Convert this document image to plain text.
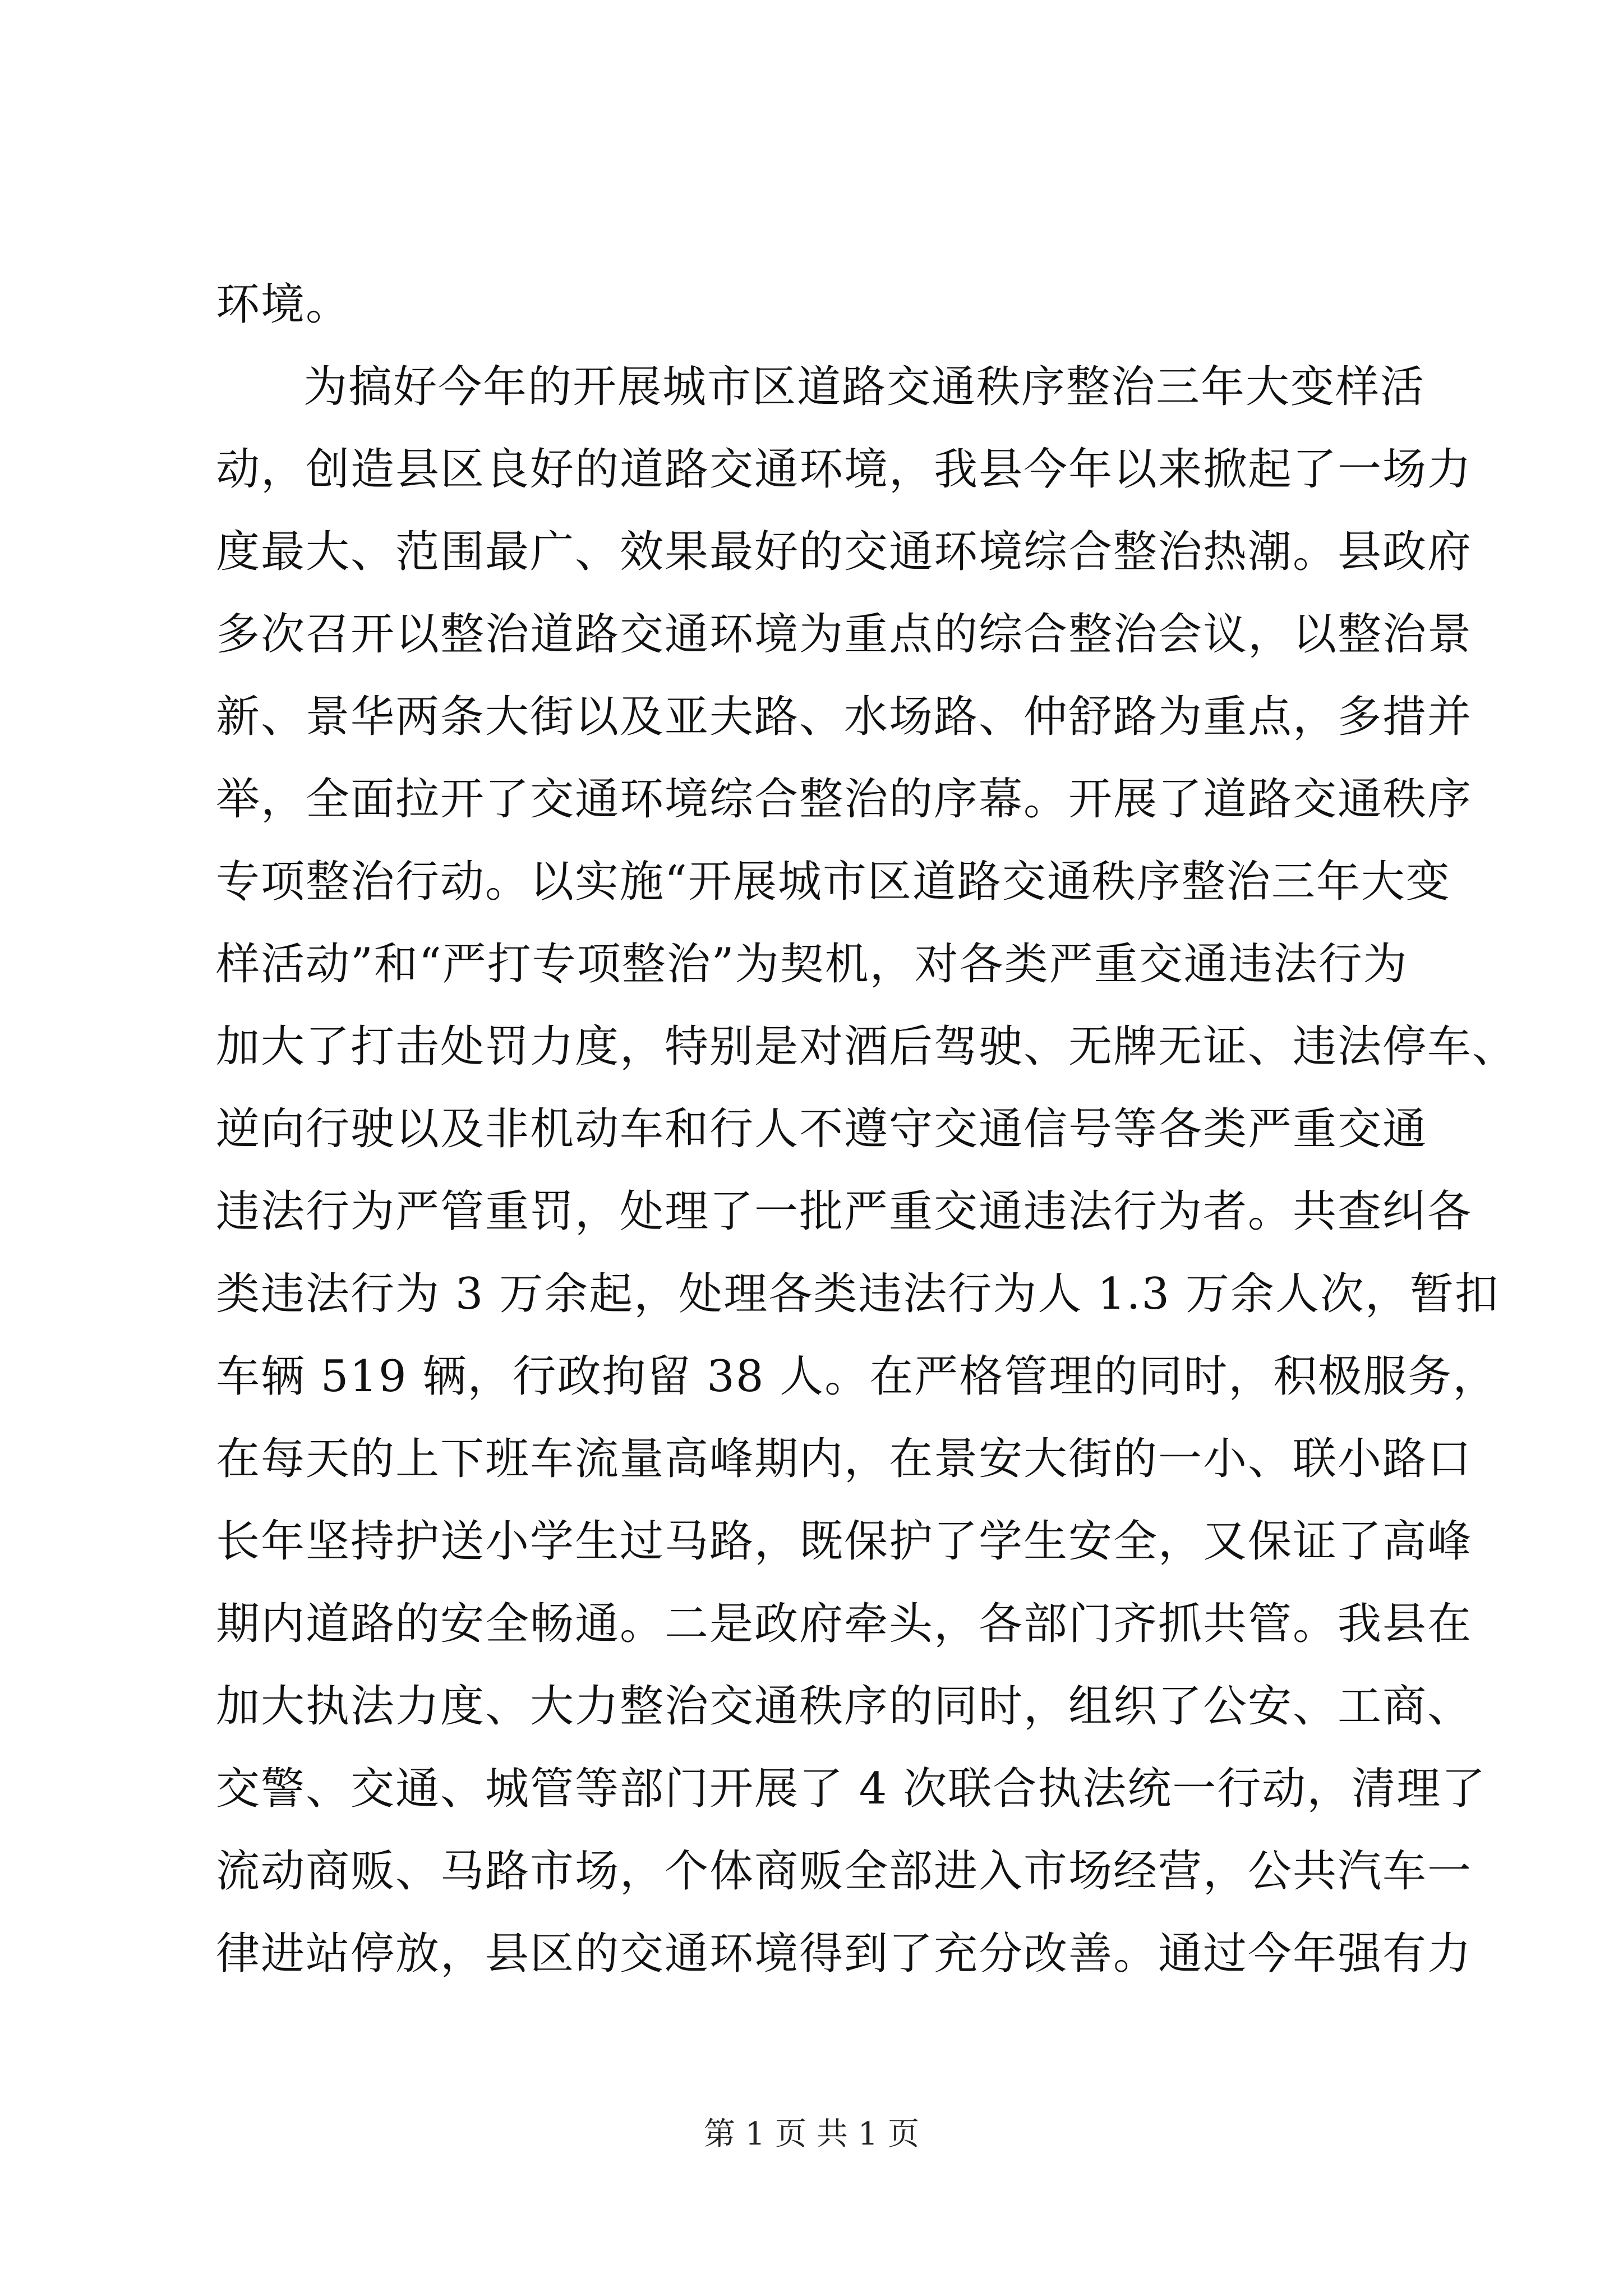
环境。
为搞好今年的开展城市区道路交通秩序整治三年大变样活
动，创造县区良好的道路交通环境，我县今年以来掀起了一场力
度最大、范围最广、效果最好的交通环境综合整治热潮。县政府
多次召开以整治道路交通环境为重点的综合整治会议，以整治景
新、景华两条大街以及亚夫路、水场路、仲舒路为重点，多措并
举，全面拉开了交通环境综合整治的序幕。开展了道路交通秩序
专项整治行动。以实施“开展城市区道路交通秩序整治三年大变
样活动”和“严打专项整治”为契机，对各类严重交通违法行为
加大了打击处罚力度，特别是对酒后驾驶、无牌无证、违法停车、
逆向行驶以及非机动车和行人不遵守交通信号等各类严重交通
违法行为严管重罚，处理了一批严重交通违法行为者。共查纠各
类违法行为 3 万余起，处理各类违法行为人 1.3 万余人次，暂扣
车辆 519 辆，行政拘留 38 人。在严格管理的同时，积极服务，
在每天的上下班车流量高峰期内，在景安大街的一小、联小路口
长年坚持护送小学生过马路，既保护了学生安全，又保证了高峰
期内道路的安全畅通。二是政府牵头，各部门齐抓共管。我县在
加大执法力度、大力整治交通秩序的同时，组织了公安、工商、
交警、交通、城管等部门开展了 4 次联合执法统一行动，清理了
流动商贩、马路市场，个体商贩全部进入市场经营，公共汽车一
律进站停放，县区的交通环境得到了充分改善。通过今年强有力
第 1 页 共 1 页
